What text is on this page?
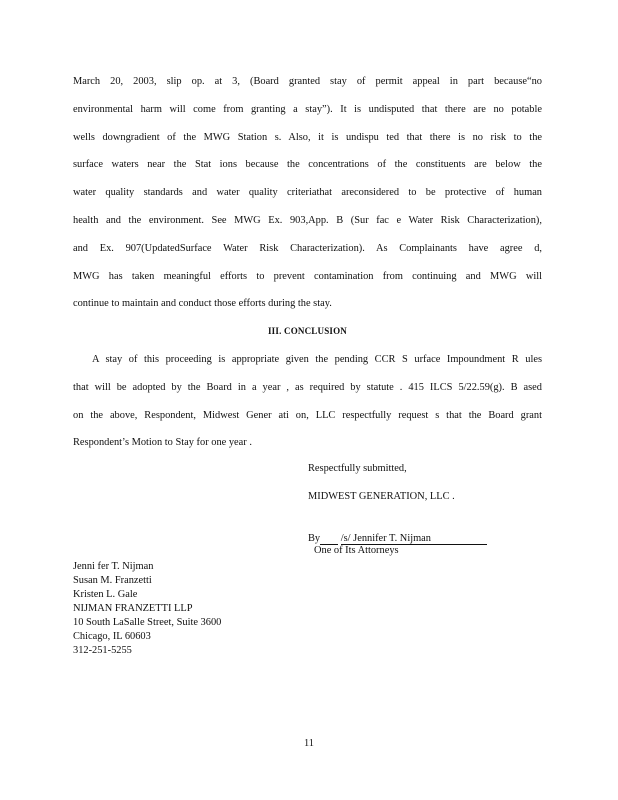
March 20, 2003, slip op. at 3, (Board granted stay of permit appeal in part because“no
environmental harm will come from granting a stay”). It is undisputed that there are no potable
wells downgradient of the MWG Station s. Also, it is undispu ted that there is no risk to the
surface waters near the Stat ions because the concentrations of the constituents are below the
water quality standards and water quality criteriathat areconsidered to be protective of human
health and the environment. See MWG Ex. 903,App. B (Sur fac e Water Risk Characterization),
and Ex. 907(UpdatedSurface Water Risk Characterization). As Complainants have agree d,
MWG has taken meaningful efforts to prevent contamination from continuing and MWG will
continue to maintain and conduct those efforts during the stay.
III. CONCLUSION
A stay of this proceeding is appropriate given the pending CCR S urface Impoundment R ules
that will be adopted by the Board in a year , as required by statute . 415 ILCS 5/22.59(g). B ased
on the above, Respondent, Midwest Gener ati on, LLC respectfully request s that the Board grant
Respondent’s Motion to Stay for one year .
Respectfully submitted,
MIDWEST GENERATION, LLC .
By /s/ Jennifer T. Nijman
One of Its Attorneys
Jenni fer T. Nijman
Susan M. Franzetti
Kristen L. Gale
NIJMAN FRANZETTI LLP
10 South LaSalle Street, Suite 3600
Chicago, IL 60603
312-251-5255
11
